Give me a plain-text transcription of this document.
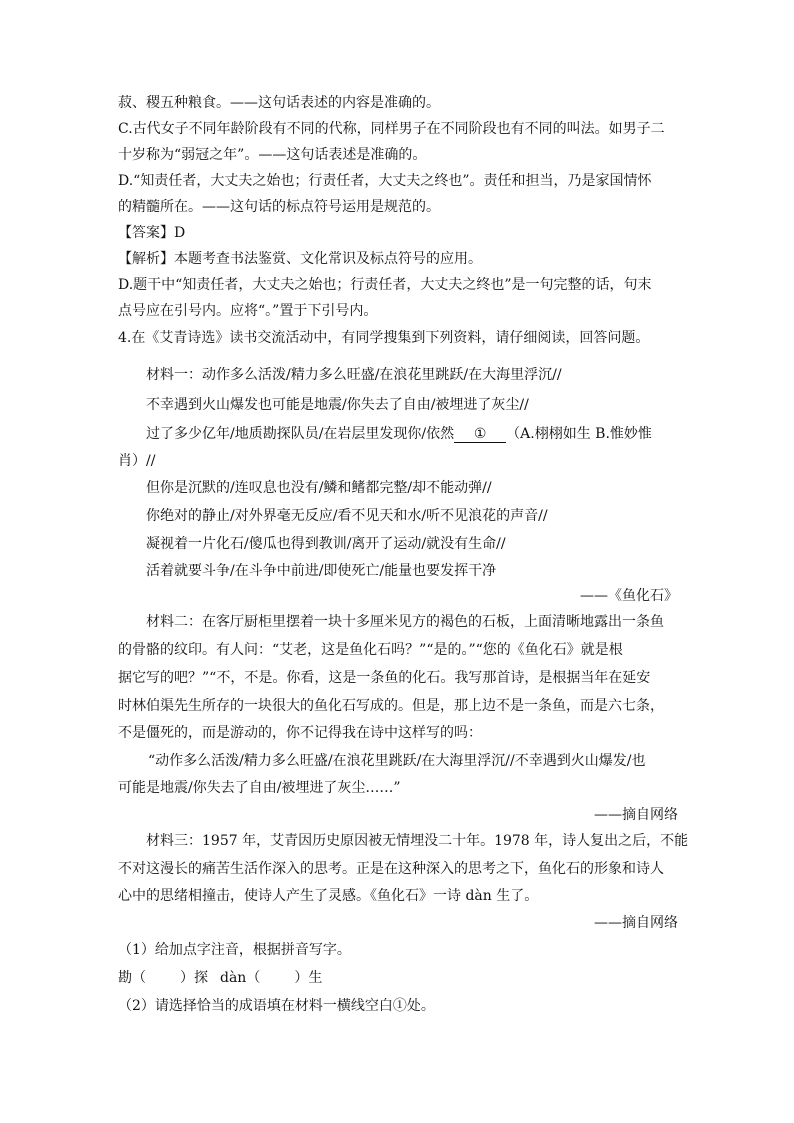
菽、稷五种粮食。——这句话表述的内容是准确的。
C.古代女子不同年龄阶段有不同的代称，同样男子在不同阶段也有不同的叫法。如男子二
十岁称为“弱冠之年”。——这句话表述是准确的。
D.“知责任者，大丈夫之始也；行责任者，大丈夫之终也”。责任和担当，乃是家国情怀
的精髓所在。——这句话的标点符号运用是规范的。
【答案】D
【解析】本题考查书法鉴赏、文化常识及标点符号的应用。
D.题干中“知责任者，大丈夫之始也；行责任者，大丈夫之终也”是一句完整的话，句末
点号应在引号内。应将“。”置于下引号内。
4.在《艾青诗选》读书交流活动中，有同学搜集到下列资料，请仔细阅读，回答问题。
材料一：动作多么活泼/精力多么旺盛/在浪花里跳跃/在大海里浮沉//
不幸遇到火山爆发也可能是地震/你失去了自由/被埋进了灰尘//
过了多少亿年/地质勘探队员/在岩层里发现你/依然 ① （A.栩栩如生 B.惟妙惟
肖）//
但你是沉默的/连叹息也没有/鳞和鳍都完整/却不能动弹//
你绝对的静止/对外界毫无反应/看不见天和水/听不见浪花的声音//
凝视着一片化石/傻瓜也得到教训/离开了运动/就没有生命//
活着就要斗争/在斗争中前进/即使死亡/能量也要发挥干净
——《鱼化石》
材料二：在客厅厨柜里摆着一块十多厘米见方的褐色的石板，上面清晰地露出一条鱼
的骨骼的纹印。有人问：“艾老，这是鱼化石吗？”“是的。”“您的《鱼化石》就是根
据它写的吧？”“不，不是。你看，这是一条鱼的化石。我写那首诗，是根据当年在延安
时林伯渠先生所存的一块很大的鱼化石写成的。但是，那上边不是一条鱼，而是六七条，
不是僵死的，而是游动的，你不记得我在诗中这样写的吗：
“动作多么活泼/精力多么旺盛/在浪花里跳跃/在大海里浮沉//不幸遇到火山爆发/也
可能是地震/你失去了自由/被埋进了灰尘……”
——摘自网络
材料三：1957 年，艾青因历史原因被无情埋没二十年。1978 年，诗人复出之后，不能
不对这漫长的痛苦生活作深入的思考。正是在这种深入的思考之下，鱼化石的形象和诗人
心中的思绪相撞击，使诗人产生了灵感。《鱼化石》一诗 dàn 生了。
——摘自网络
（1）给加点字注音，根据拼音写字。
勘（ ）探 dàn（ ）生
（2）请选择恰当的成语填在材料一横线空白①处。
